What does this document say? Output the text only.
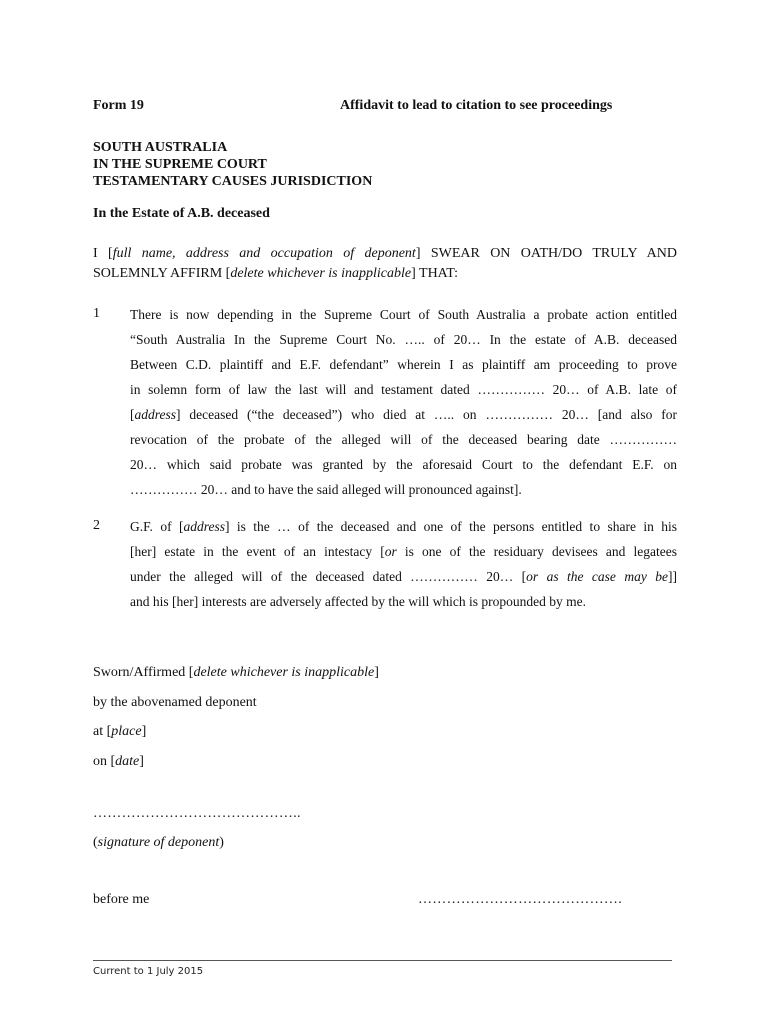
Form 19	Affidavit to lead to citation to see proceedings
SOUTH AUSTRALIA
IN THE SUPREME COURT
TESTAMENTARY CAUSES JURISDICTION
In the Estate of A.B. deceased
I [full name, address and occupation of deponent] SWEAR ON OATH/DO TRULY AND
SOLEMNLY AFFIRM [delete whichever is inapplicable] THAT:
1 There is now depending in the Supreme Court of South Australia a probate action entitled
“South Australia In the Supreme Court No. ….. of 20… In the estate of A.B. deceased
Between C.D. plaintiff and E.F. defendant” wherein I as plaintiff am proceeding to prove
in solemn form of law the last will and testament dated …………… 20… of A.B. late of
[address] deceased (“the deceased”) who died at ….. on …………… 20… [and also for
revocation of the probate of the alleged will of the deceased bearing date ……………
20… which said probate was granted by the aforesaid Court to the defendant E.F. on
…………… 20… and to have the said alleged will pronounced against].
2 G.F. of [address] is the … of the deceased and one of the persons entitled to share in his
[her] estate in the event of an intestacy [or is one of the residuary devisees and legatees
under the alleged will of the deceased dated …………… 20… [or as the case may be]]
and his [her] interests are adversely affected by the will which is propounded by me.
Sworn/Affirmed [delete whichever is inapplicable]
by the abovenamed deponent
at [place]
on [date]
……………………………………..
(signature of deponent)
before me	…………………………………….
Current to 1 July 2015
